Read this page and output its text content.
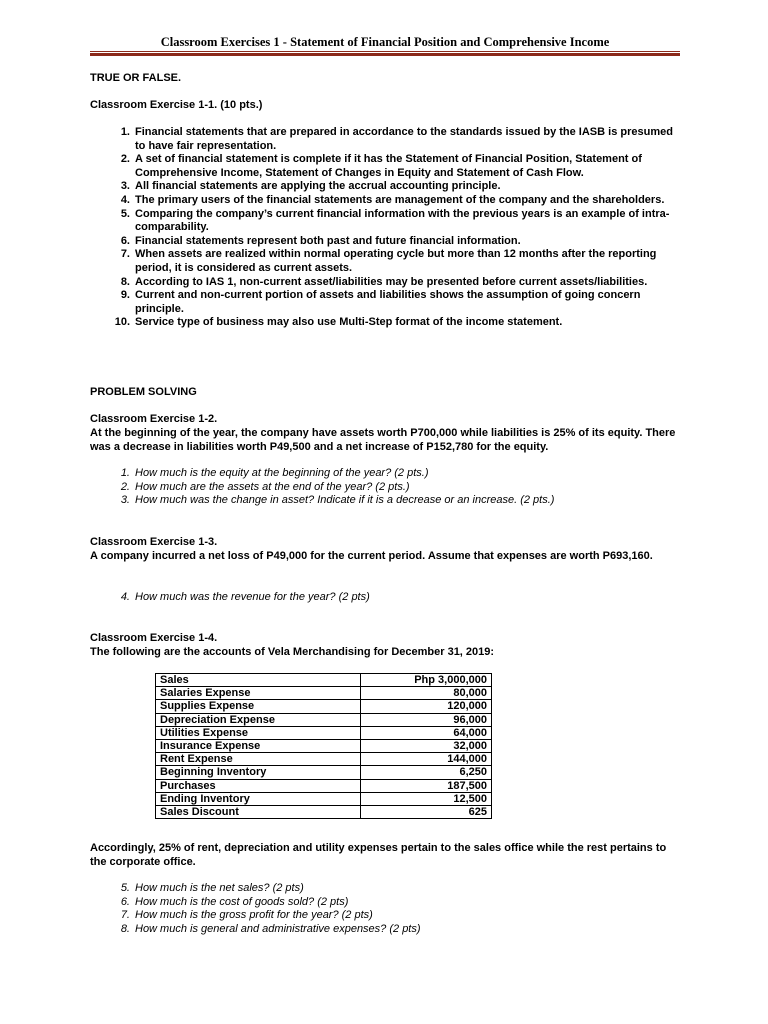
Classroom Exercises 1 - Statement of Financial Position and Comprehensive Income
TRUE OR FALSE.
Classroom Exercise 1-1. (10 pts.)
1. Financial statements that are prepared in accordance to the standards issued by the IASB is presumed to have fair representation.
2. A set of financial statement is complete if it has the Statement of Financial Position, Statement of Comprehensive Income, Statement of Changes in Equity and Statement of Cash Flow.
3. All financial statements are applying the accrual accounting principle.
4. The primary users of the financial statements are management of the company and the shareholders.
5. Comparing the company’s current financial information with the previous years is an example of intra-comparability.
6. Financial statements represent both past and future financial information.
7. When assets are realized within normal operating cycle but more than 12 months after the reporting period, it is considered as current assets.
8. According to IAS 1, non-current asset/liabilities may be presented before current assets/liabilities.
9. Current and non-current portion of assets and liabilities shows the assumption of going concern principle.
10. Service type of business may also use Multi-Step format of the income statement.
PROBLEM SOLVING
Classroom Exercise 1-2.
At the beginning of the year, the company have assets worth P700,000 while liabilities is 25% of its equity. There was a decrease in liabilities worth P49,500 and a net increase of P152,780 for the equity.
1. How much is the equity at the beginning of the year? (2 pts.)
2. How much are the assets at the end of the year? (2 pts.)
3. How much was the change in asset? Indicate if it is a decrease or an increase. (2 pts.)
Classroom Exercise 1-3.
A company incurred a net loss of P49,000 for the current period. Assume that expenses are worth P693,160.
4. How much was the revenue for the year? (2 pts)
Classroom Exercise 1-4.
The following are the accounts of Vela Merchandising for December 31, 2019:
Sales	Php 3,000,000
Salaries Expense	80,000
Supplies Expense	120,000
Depreciation Expense	96,000
Utilities Expense	64,000
Insurance Expense	32,000
Rent Expense	144,000
Beginning Inventory	6,250
Purchases	187,500
Ending Inventory	12,500
Sales Discount	625
Accordingly, 25% of rent, depreciation and utility expenses pertain to the sales office while the rest pertains to the corporate office.
5. How much is the net sales? (2 pts)
6. How much is the cost of goods sold? (2 pts)
7. How much is the gross profit for the year? (2 pts)
8. How much is general and administrative expenses? (2 pts)
